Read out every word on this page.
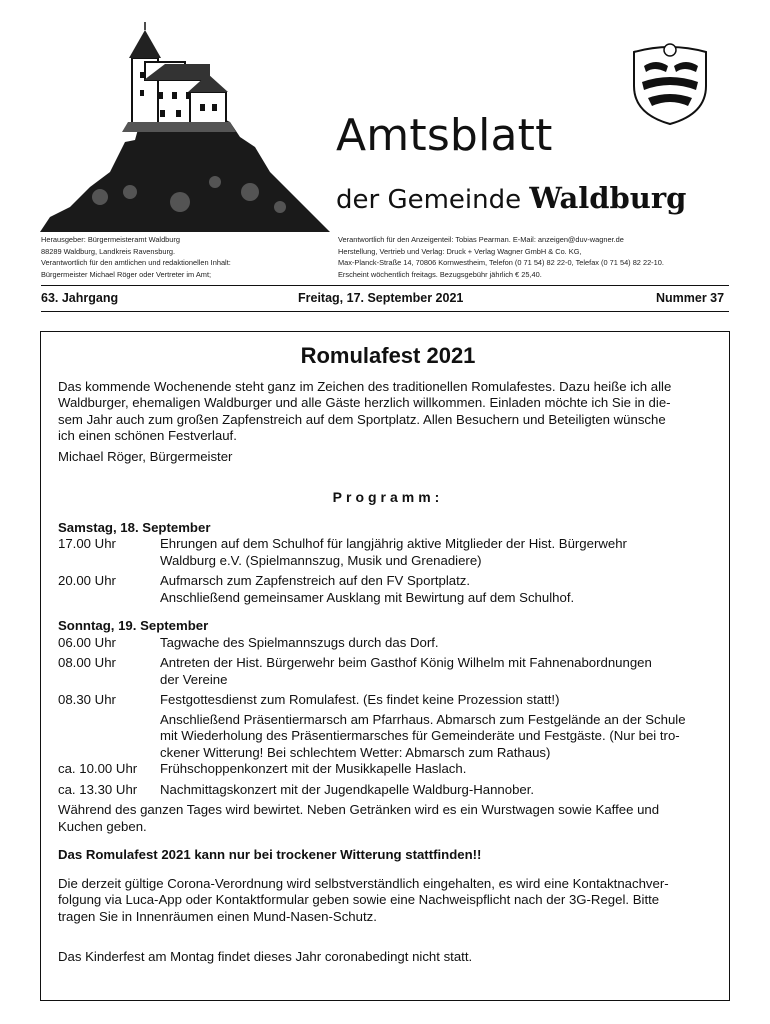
Amtsblatt
der Gemeinde Waldburg
Herausgeber: Bürgermeisteramt Waldburg
88289 Waldburg, Landkreis Ravensburg.
Verantwortlich für den amtlichen und redaktionellen Inhalt:
Bürgermeister Michael Röger oder Vertreter im Amt;
Verantwortlich für den Anzeigenteil: Tobias Pearman. E-Mail: anzeigen@duv-wagner.de
Herstellung, Vertrieb und Verlag: Druck + Verlag Wagner GmbH & Co. KG,
Max-Planck-Straße 14, 70806 Kornwestheim, Telefon (0 71 54) 82 22-0, Telefax (0 71 54) 82 22-10.
Erscheint wöchentlich freitags. Bezugsgebühr jährlich € 25,40.
63. Jahrgang	Freitag, 17. September 2021	Nummer 37
Romulafest 2021

Das kommende Wochenende steht ganz im Zeichen des traditionellen Romulafestes. Dazu heiße ich alle

Waldburger, ehemaligen Waldburger und alle Gäste herzlich willkommen. Einladen möchte ich Sie in die-

sem Jahr auch zum großen Zapfenstreich auf dem Sportplatz. Allen Besuchern und Beteiligten wünsche

ich einen schönen Festverlauf.

Michael Röger, Bürgermeister

Programm:

Samstag, 18. September

17.00 Uhr	Ehrungen auf dem Schulhof für langjährig aktive Mitglieder der Hist. Bürgerwehr
Waldburg e.V. (Spielmannszug, Musik und Grenadiere)
20.00 Uhr	Aufmarsch zum Zapfenstreich auf den FV Sportplatz.
Anschließend gemeinsamer Ausklang mit Bewirtung auf dem Schulhof.

Sonntag, 19. September

06.00 Uhr	Tagwache des Spielmannszugs durch das Dorf.
08.00 Uhr	Antreten der Hist. Bürgerwehr beim Gasthof König Wilhelm mit Fahnenabordnungen
der Vereine
08.30 Uhr	Festgottesdienst zum Romulafest. (Es findet keine Prozession statt!)
Anschließend Präsentiermarsch am Pfarrhaus. Abmarsch zum Festgelände an der Schule
mit Wiederholung des Präsentiermarsches für Gemeinderäte und Festgäste. (Nur bei tro-
ckener Witterung! Bei schlechtem Wetter: Abmarsch zum Rathaus)
ca. 10.00 Uhr	Frühschoppenkonzert mit der Musikkapelle Haslach.
ca. 13.30 Uhr	Nachmittagskonzert mit der Jugendkapelle Waldburg-Hannober.

Während des ganzen Tages wird bewirtet. Neben Getränken wird es ein Wurstwagen sowie Kaffee und

Kuchen geben.

Das Romulafest 2021 kann nur bei trockener Witterung stattfinden!!

Die derzeit gültige Corona-Verordnung wird selbstverständlich eingehalten, es wird eine Kontaktnachver-

folgung via Luca-App oder Kontaktformular geben sowie eine Nachweispflicht nach der 3G-Regel. Bitte

tragen Sie in Innenräumen einen Mund-Nasen-Schutz.

Das Kinderfest am Montag findet dieses Jahr coronabedingt nicht statt.
